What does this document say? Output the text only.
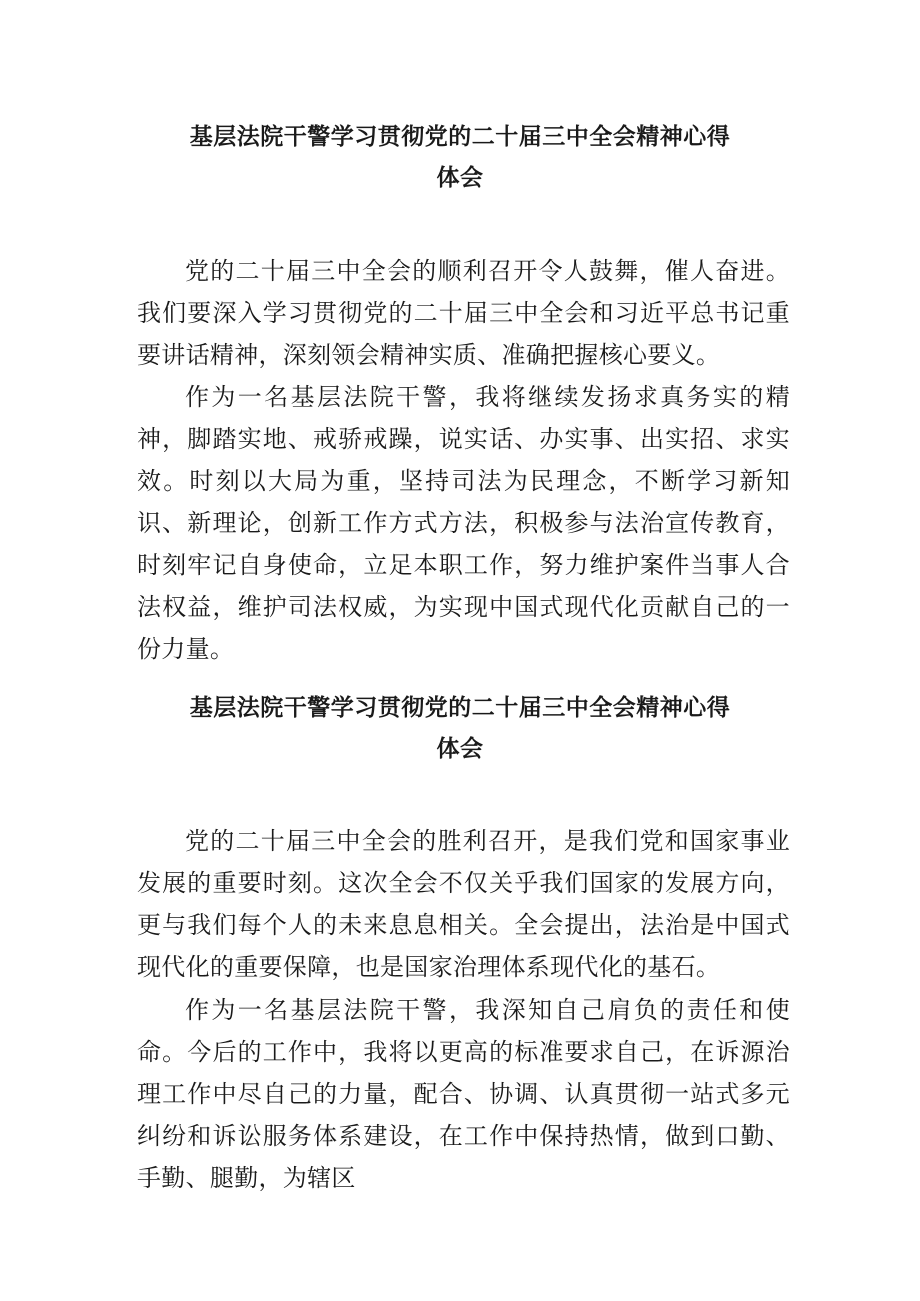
基层法院干警学习贯彻党的二十届三中全会精神心得
体会

党的二十届三中全会的顺利召开令人鼓舞，催人奋进。我们要深入学习贯彻党的二十届三中全会和习近平总书记重要讲话精神，深刻领会精神实质、准确把握核心要义。

作为一名基层法院干警，我将继续发扬求真务实的精神，脚踏实地、戒骄戒躁，说实话、办实事、出实招、求实效。时刻以大局为重，坚持司法为民理念，不断学习新知识、新理论，创新工作方式方法，积极参与法治宣传教育，时刻牢记自身使命，立足本职工作，努力维护案件当事人合法权益，维护司法权威，为实现中国式现代化贡献自己的一份力量。

基层法院干警学习贯彻党的二十届三中全会精神心得
体会

党的二十届三中全会的胜利召开，是我们党和国家事业发展的重要时刻。这次全会不仅关乎我们国家的发展方向，更与我们每个人的未来息息相关。全会提出，法治是中国式现代化的重要保障，也是国家治理体系现代化的基石。

作为一名基层法院干警，我深知自己肩负的责任和使命。今后的工作中，我将以更高的标准要求自己，在诉源治理工作中尽自己的力量，配合、协调、认真贯彻一站式多元纠纷和诉讼服务体系建设，在工作中保持热情，做到口勤、手勤、腿勤，为辖区
